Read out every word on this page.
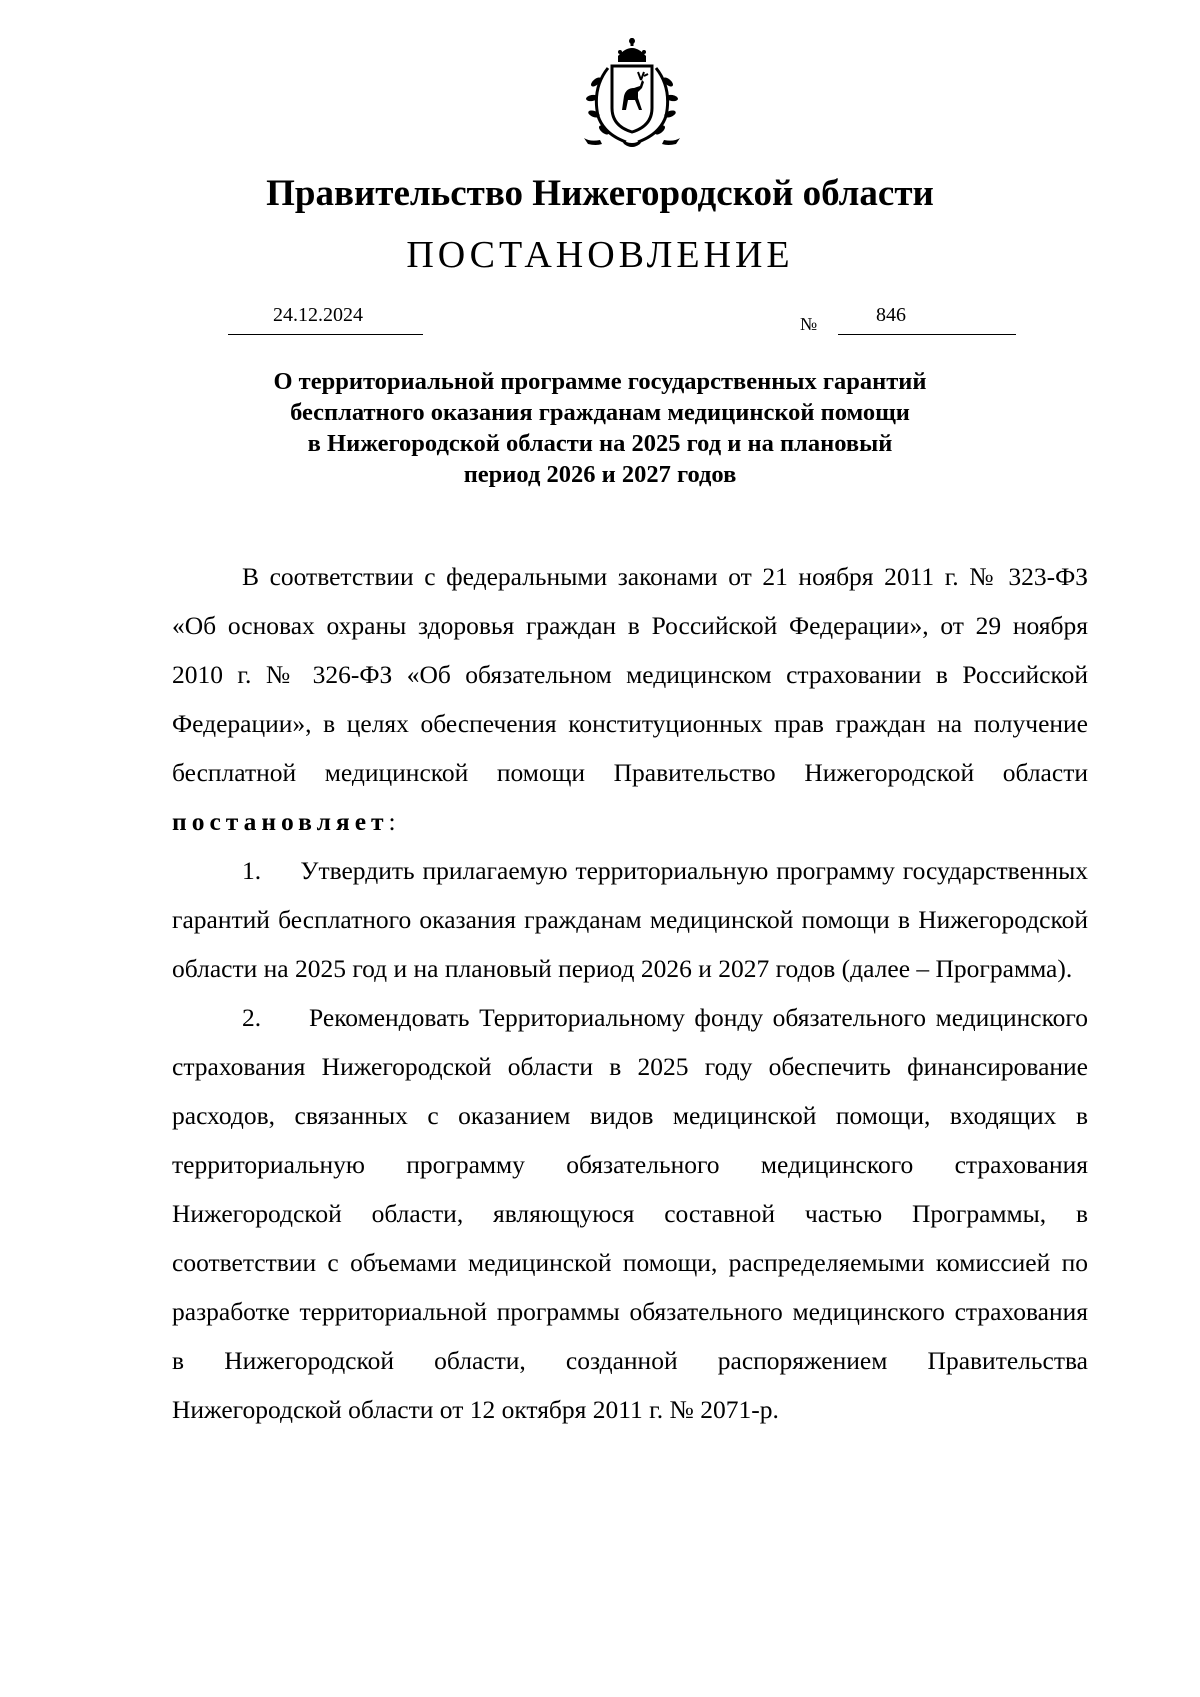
Правительство Нижегородской области
ПОСТАНОВЛЕНИЕ
24.12.2024	№	846
О территориальной программе государственных гарантий
бесплатного оказания гражданам медицинской помощи
в Нижегородской области на 2025 год и на плановый
период 2026 и 2027 годов

В соответствии с федеральными законами от 21 ноября 2011 г. № 323-ФЗ «Об основах охраны здоровья граждан в Российской Федерации», от 29 ноября 2010 г. № 326-ФЗ «Об обязательном медицинском страховании в Российской Федерации», в целях обеспечения конституционных прав граждан на получение бесплатной медицинской помощи Правительство Нижегородской области постановляет:

1.     Утвердить прилагаемую территориальную программу государственных гарантий бесплатного оказания гражданам медицинской помощи в Нижегородской области на 2025 год и на плановый период 2026 и 2027 годов (далее – Программа).

2.     Рекомендовать Территориальному фонду обязательного медицинского страхования Нижегородской области в 2025 году обеспечить финансирование расходов, связанных с оказанием видов медицинской помощи, входящих в территориальную программу обязательного медицинского страхования Нижегородской области, являющуюся составной частью Программы, в соответствии с объемами медицинской помощи, распределяемыми комиссией по разработке территориальной программы обязательного медицинского страхования в Нижегородской области, созданной распоряжением Правительства Нижегородской области от 12 октября 2011 г. № 2071-р.
